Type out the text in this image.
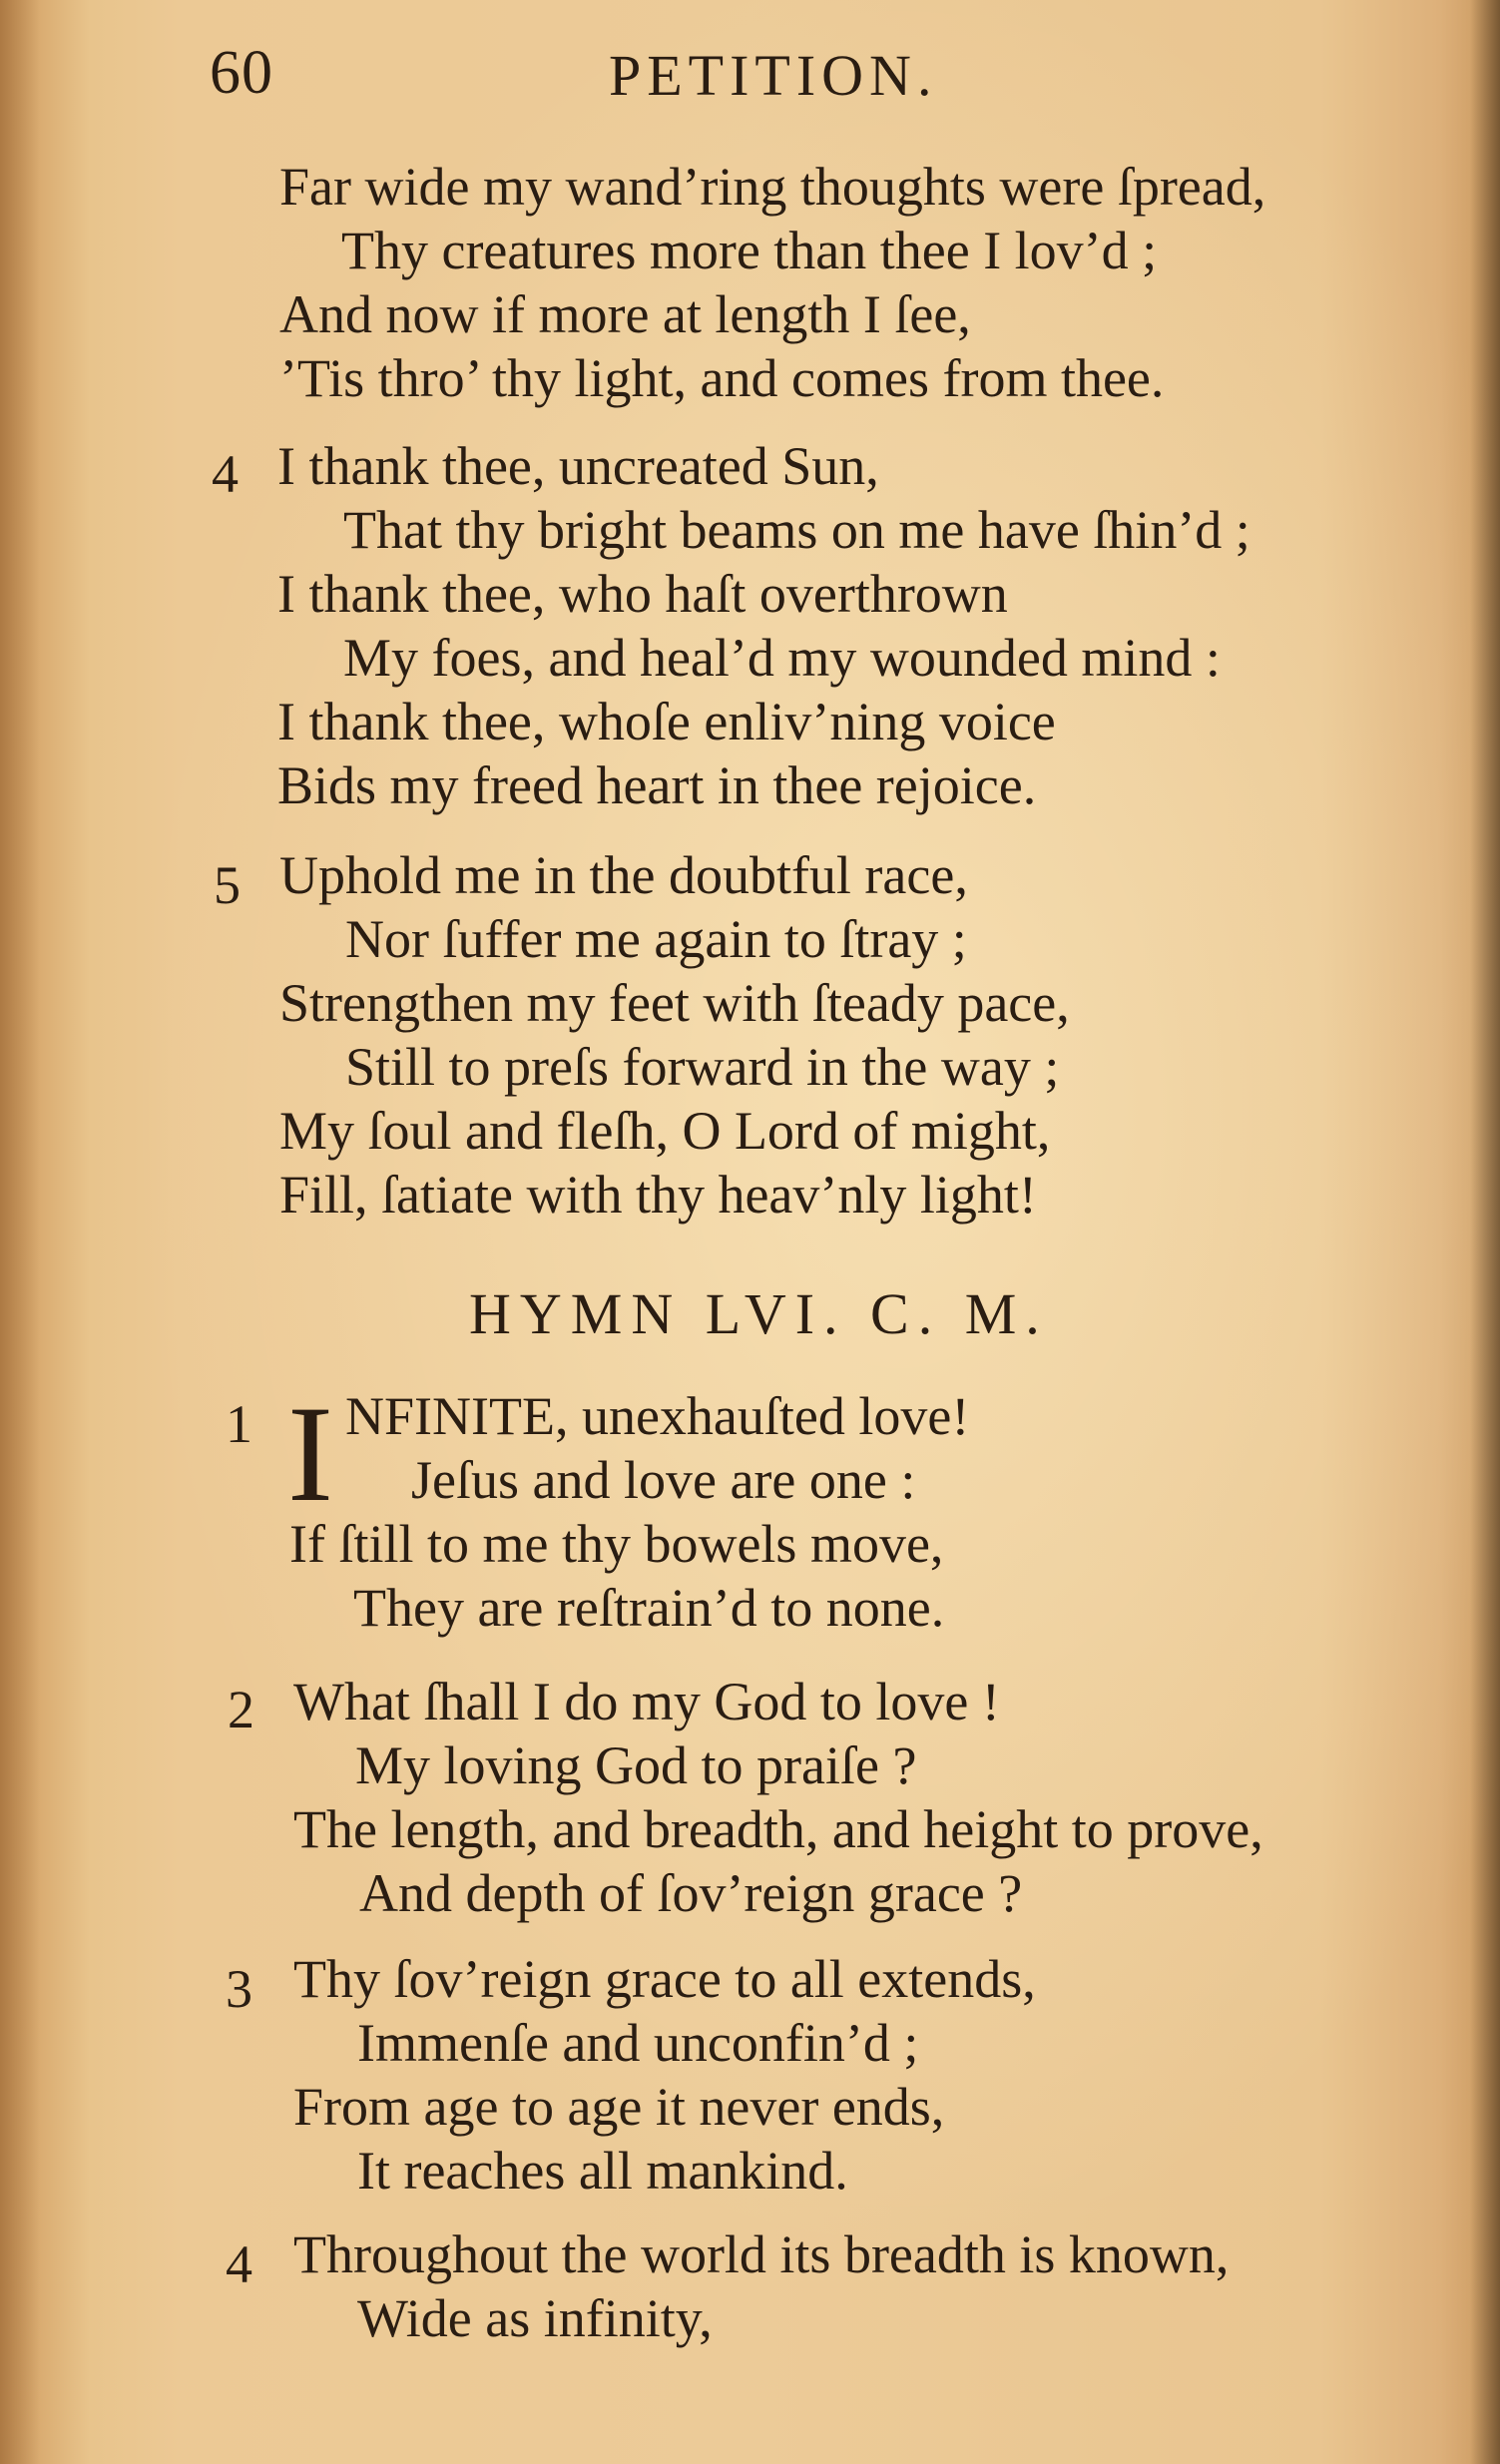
60	PETITION.
Far wide my wand’ring thoughts were ſpread,
Thy creatures more than thee I lov’d ;
And now if more at length I ſee,
’Tis thro’ thy light, and comes from thee.
4 I thank thee, uncreated Sun,
That thy bright beams on me have ſhin’d ;
I thank thee, who haſt overthrown
My foes, and heal’d my wounded mind :
I thank thee, whoſe enliv’ning voice
Bids my freed heart in thee rejoice.
5 Uphold me in the doubtful race,
Nor ſuffer me again to ſtray ;
Strengthen my feet with ſteady pace,
Still to preſs forward in the way ;
My ſoul and fleſh, O Lord of might,
Fill, ſatiate with thy heav’nly light!
HYMN LVI. C. M.
1 I NFINITE, unexhauſted love!
Jeſus and love are one :
If ſtill to me thy bowels move,
They are reſtrain’d to none.
2 What ſhall I do my God to love !
My loving God to praiſe ?
The length, and breadth, and height to prove,
And depth of ſov’reign grace ?
3 Thy ſov’reign grace to all extends,
Immenſe and unconfin’d ;
From age to age it never ends,
It reaches all mankind.
4 Throughout the world its breadth is known,
Wide as infinity,
